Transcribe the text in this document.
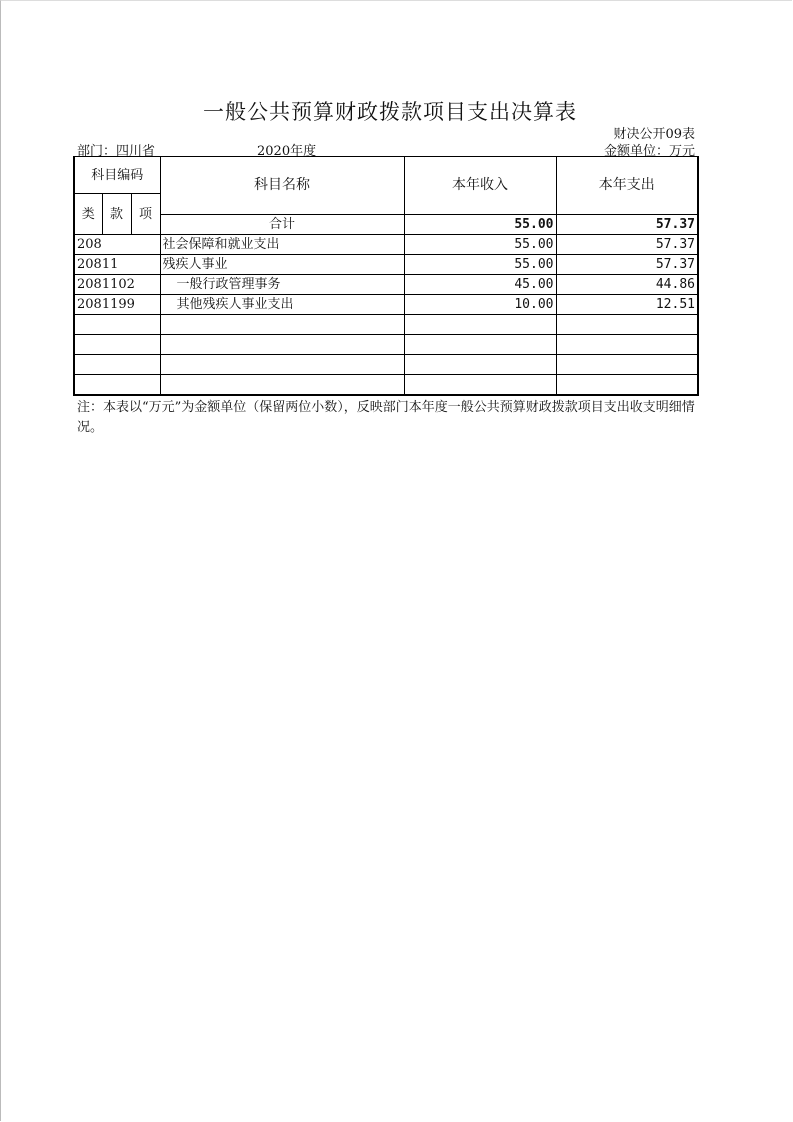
一般公共预算财政拨款项目支出决算表
财决公开09表
部门：四川省	2020年度	金额单位：万元
科目编码			科目名称	本年收入	本年支出
类	款	项			
			合计	55.00	57.37
208			社会保障和就业支出	55.00	57.37
20811			残疾人事业	55.00	57.37
2081102			一般行政管理事务	45.00	44.86
2081199			其他残疾人事业支出	10.00	12.51

注：本表以“万元”为金额单位（保留两位小数），反映部门本年度一般公共预算财政拨款项目支出收支明细情况。
